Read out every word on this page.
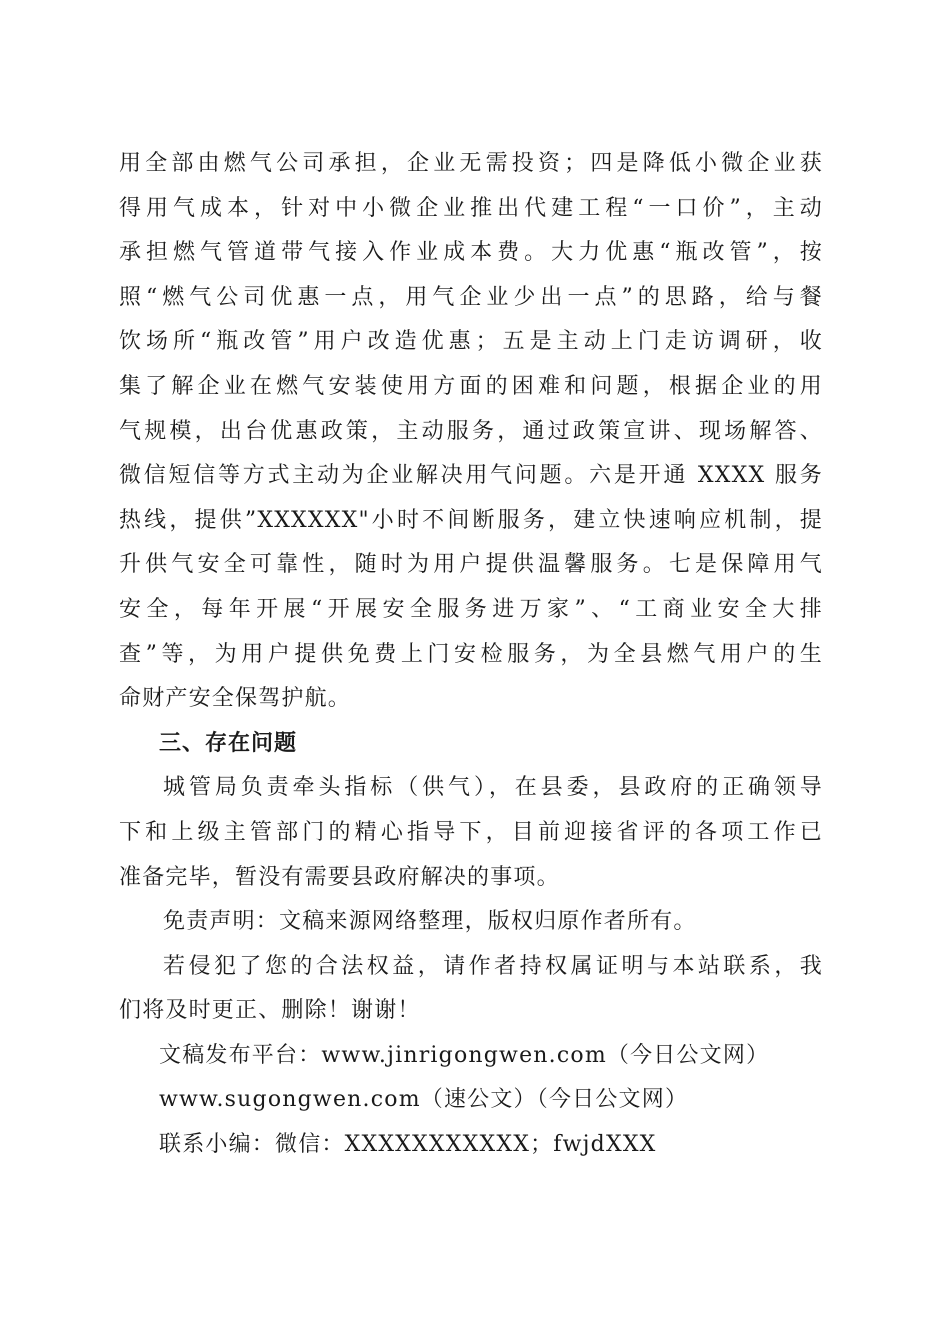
用全部由燃气公司承担，企业无需投资；四是降低小微企业获
得用气成本，针对中小微企业推出代建工程“一口价”，主动
承担燃气管道带气接入作业成本费。大力优惠“瓶改管”，按
照“燃气公司优惠一点，用气企业少出一点”的思路，给与餐
饮场所“瓶改管”用户改造优惠；五是主动上门走访调研，收
集了解企业在燃气安装使用方面的困难和问题，根据企业的用
气规模，出台优惠政策，主动服务，通过政策宣讲、现场解答、
微信短信等方式主动为企业解决用气问题。六是开通 XXXX 服务
热线，提供”XXXXXX"小时不间断服务，建立快速响应机制，提
升供气安全可靠性，随时为用户提供温馨服务。七是保障用气
安全，每年开展“开展安全服务进万家”、“工商业安全大排
查”等，为用户提供免费上门安检服务，为全县燃气用户的生
命财产安全保驾护航。
三、存在问题
城管局负责牵头指标（供气），在县委，县政府的正确领导
下和上级主管部门的精心指导下，目前迎接省评的各项工作已
准备完毕，暂没有需要县政府解决的事项。
免责声明：文稿来源网络整理，版权归原作者所有。
若侵犯了您的合法权益，请作者持权属证明与本站联系，我
们将及时更正、删除！谢谢！
文稿发布平台：www.jinrigongwen.com（今日公文网）
www.sugongwen.com（速公文）（今日公文网）
联系小编：微信：XXXXXXXXXXX；fwjdXXX
